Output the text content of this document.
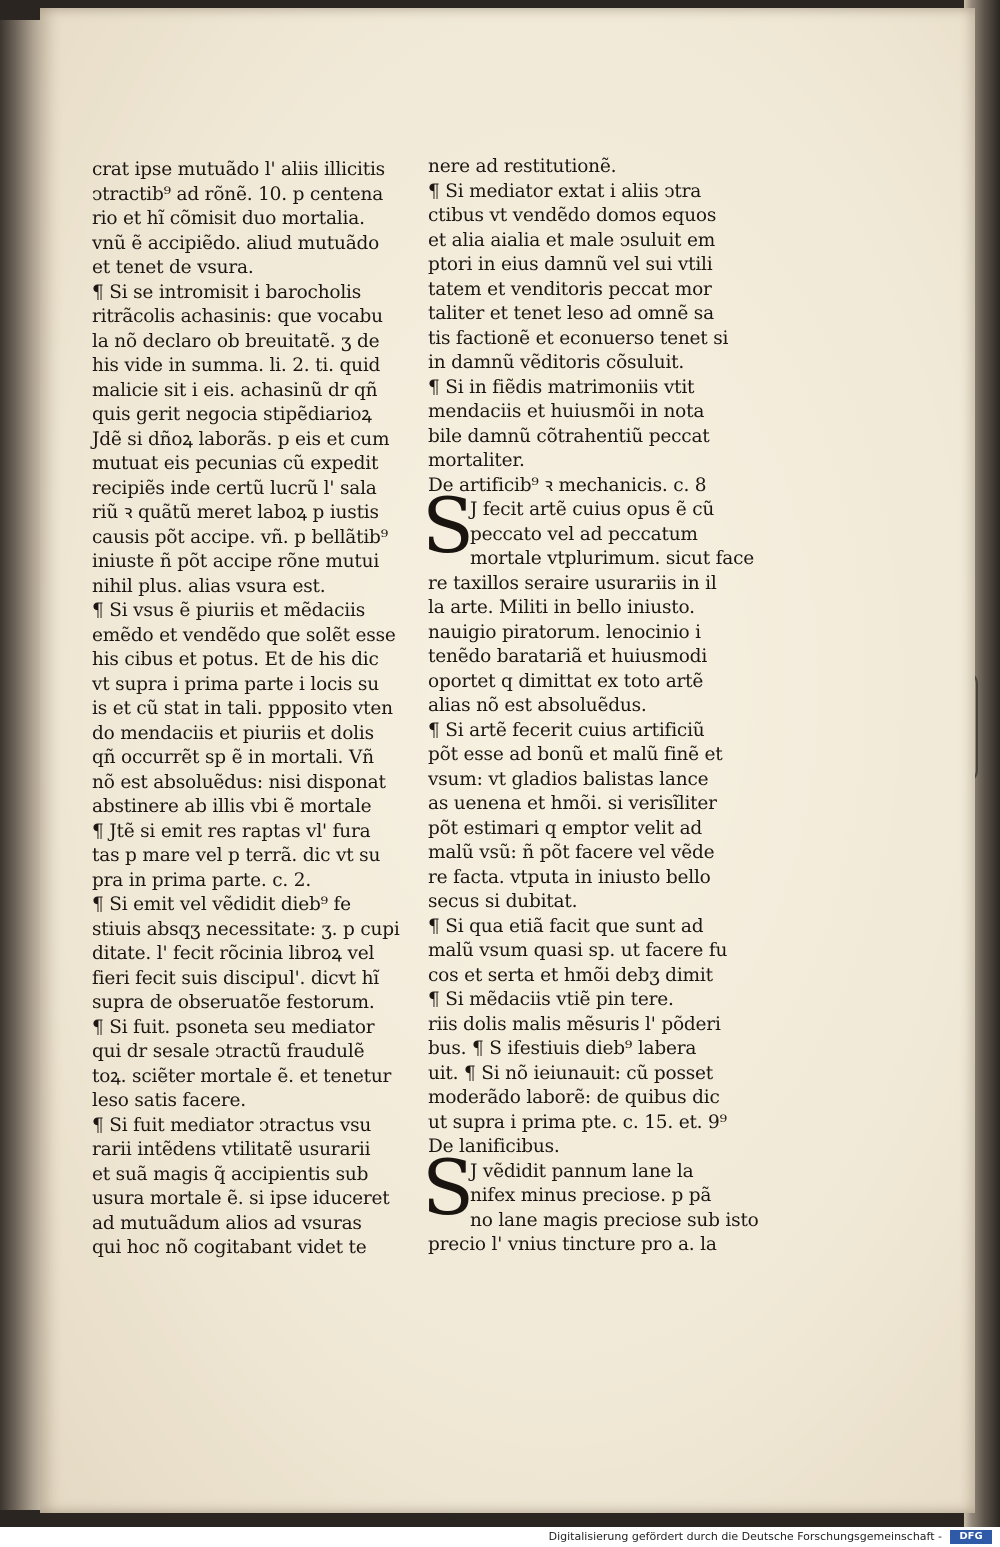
crat ipse mutuãdo l' aliis illicitis
ↄtractib⁹ ad rõnẽ. 10. p centena
rio et hĩ cõmisit duo mortalia.
vnũ ẽ accipiẽdo. aliud mutuãdo
et tenet de vsura.
¶ Si se intromisit i barocholis
ritrãcolis achasinis: que vocabu
la nõ declaro ob breuitatẽ. ʒ de
his vide in summa. li. 2. ti. quid
malicie sit i eis. achasinũ dr qñ
quis gerit negocia stipẽdiarioꝝ
Jdẽ si dñoꝝ laborãs. p eis et cum
mutuat eis pecunias cũ expedit
recipiẽs inde certũ lucrũ l' sala
riũ ꝛ quãtũ meret laboꝝ p iustis
causis põt accipe. vñ. p bellãtib⁹
iniuste ñ põt accipe rõne mutui
nihil plus. alias vsura est.
¶ Si vsus ẽ piuriis et mẽdaciis
emẽdo et vendẽdo que solẽt esse
his cibus et potus. Et de his dic
vt supra i prima parte i locis su
is et cũ stat in tali. ppposito vten
do mendaciis et piuriis et dolis
qñ occurrẽt sp ẽ in mortali. Vñ
nõ est absoluẽdus: nisi disponat
abstinere ab illis vbi ẽ mortale
¶ Jtẽ si emit res raptas vl' fura
tas p mare vel p terrã. dic vt su
pra in prima parte. c. 2.
¶ Si emit vel vẽdidit dieb⁹ fe
stiuis absqʒ necessitate: ʒ. p cupi
ditate. l' fecit rõcinia libroꝝ vel
fieri fecit suis discipul'. dicvt hĩ
supra de obseruatõe festorum.
¶ Si fuit. psoneta seu mediator
qui dr sesale ↄtractũ fraudulẽ
toꝝ. sciẽter mortale ẽ. et tenetur
leso satis facere.
¶ Si fuit mediator ↄtractus vsu
rarii intẽdens vtilitatẽ usurarii
et suã magis q̃ accipientis sub
usura mortale ẽ. si ipse iduceret
ad mutuãdum alios ad vsuras
qui hoc nõ cogitabant videt te
nere ad restitutionẽ.
¶ Si mediator extat i aliis ↄtra
ctibus vt vendẽdo domos equos
et alia aialia et male ↄsuluit em
ptori in eius damnũ vel sui vtili
tatem et venditoris peccat mor
taliter et tenet leso ad omnẽ sa
tis factionẽ et econuerso tenet si
in damnũ vẽditoris cõsuluit.
¶ Si in fiẽdis matrimoniis vtit
mendaciis et huiusmõi in nota
bile damnũ cõtrahentiũ peccat
mortaliter.
De artificib⁹ ꝛ mechanicis. c. 8
S
J fecit artẽ cuius opus ẽ cũ
peccato vel ad peccatum
mortale vtplurimum. sicut face
re taxillos seraire usurariis in il
la arte. Militi in bello iniusto.
nauigio piratorum. lenocinio i
tenẽdo baratariã et huiusmodi
oportet q dimittat ex toto artẽ
alias nõ est absoluẽdus.
¶ Si artẽ fecerit cuius artificiũ
põt esse ad bonũ et malũ finẽ et
vsum: vt gladios balistas lance
as uenena et hmõi. si verisĩliter
põt estimari q emptor velit ad
malũ vsũ: ñ põt facere vel vẽde
re facta. vtputa in iniusto bello
secus si dubitat.
¶ Si qua etiã facit que sunt ad
malũ vsum quasi sp. ut facere fu
cos et serta et hmõi debʒ dimit
¶ Si mẽdaciis vtiẽ pin tere.
riis dolis malis mẽsuris l' põderi
bus. ¶ S ifestiuis dieb⁹ labera
uit. ¶ Si nõ ieiunauit: cũ posset
moderãdo laborẽ: de quibus dic
ut supra i prima pte. c. 15. et. 9⁹
De lanificibus.
S
J vẽdidit pannum lane la
nifex minus preciose. p pã
no lane magis preciose sub isto
precio l' vnius tincture pro a. la
Digitalisierung gefördert durch die Deutsche Forschungsgemeinschaft -	DFG
